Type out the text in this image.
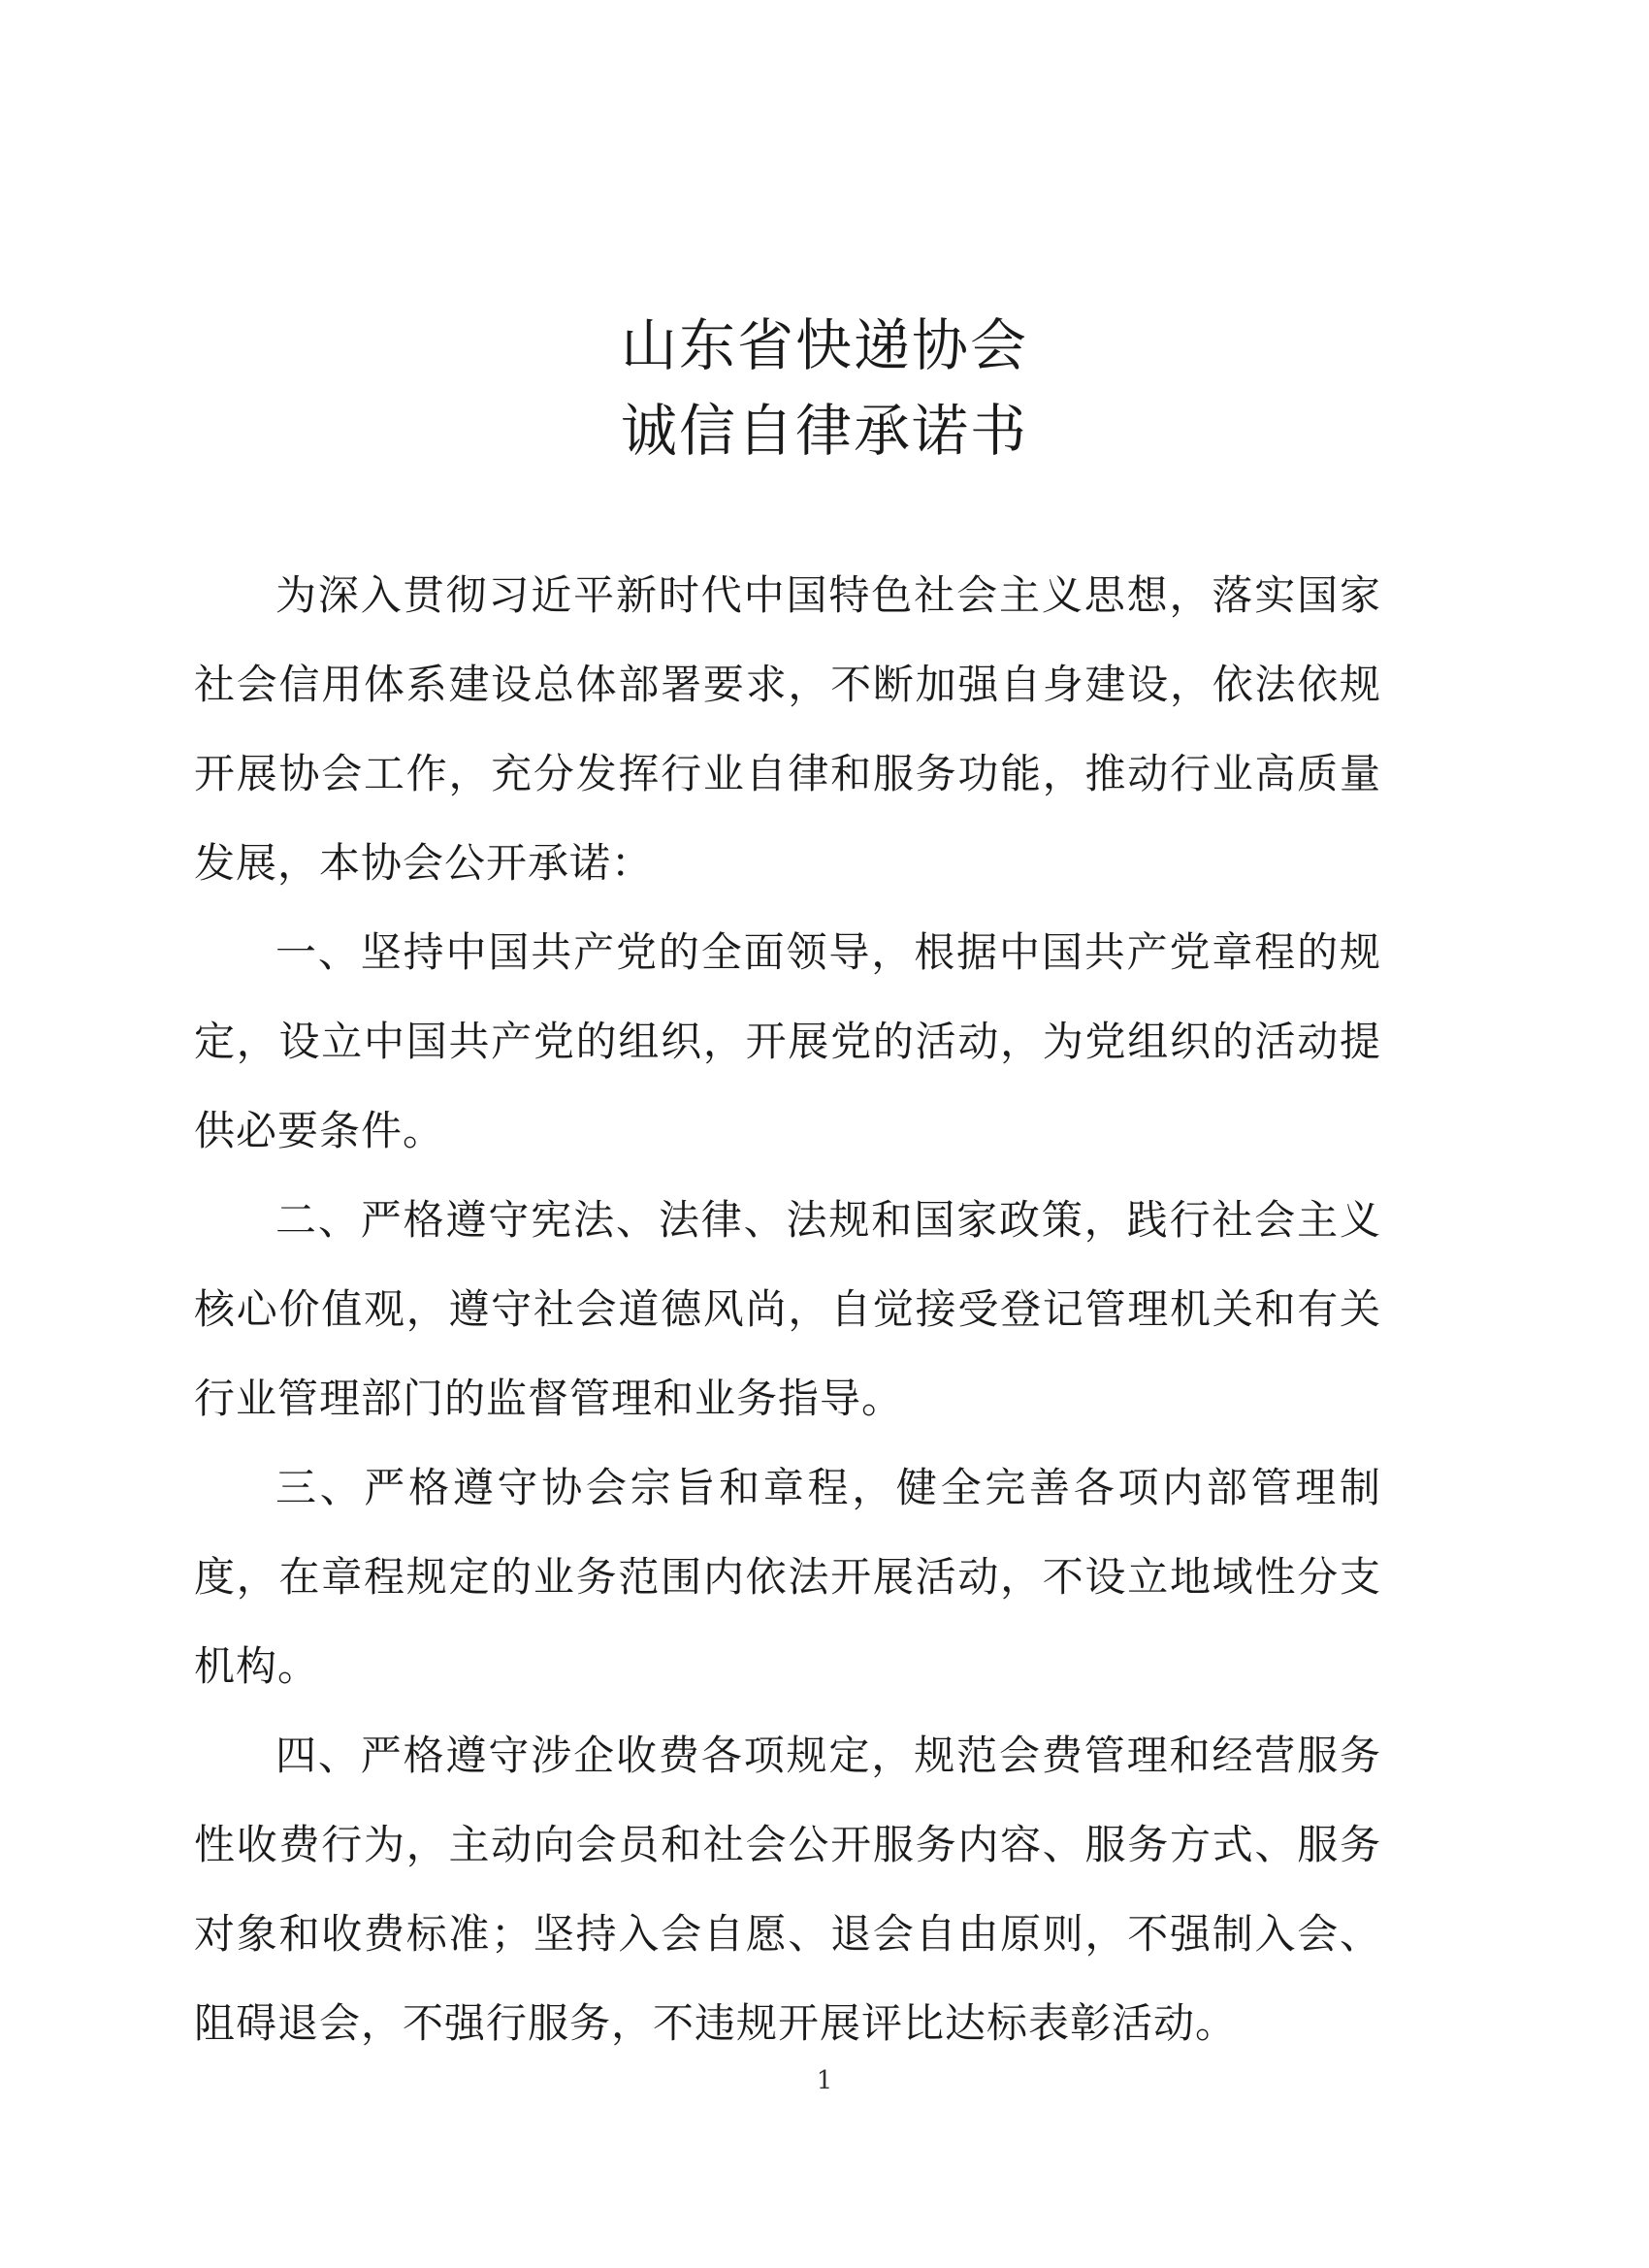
山东省快递协会
诚信自律承诺书

为深入贯彻习近平新时代中国特色社会主义思想，落实国家社会信用体系建设总体部署要求，不断加强自身建设，依法依规开展协会工作，充分发挥行业自律和服务功能，推动行业高质量发展，本协会公开承诺：

一、坚持中国共产党的全面领导，根据中国共产党章程的规定，设立中国共产党的组织，开展党的活动，为党组织的活动提供必要条件。

二、严格遵守宪法、法律、法规和国家政策，践行社会主义核心价值观，遵守社会道德风尚，自觉接受登记管理机关和有关行业管理部门的监督管理和业务指导。

三、严格遵守协会宗旨和章程，健全完善各项内部管理制度，在章程规定的业务范围内依法开展活动，不设立地域性分支机构。

四、严格遵守涉企收费各项规定，规范会费管理和经营服务性收费行为，主动向会员和社会公开服务内容、服务方式、服务对象和收费标准；坚持入会自愿、退会自由原则，不强制入会、阻碍退会，不强行服务，不违规开展评比达标表彰活动。

1
